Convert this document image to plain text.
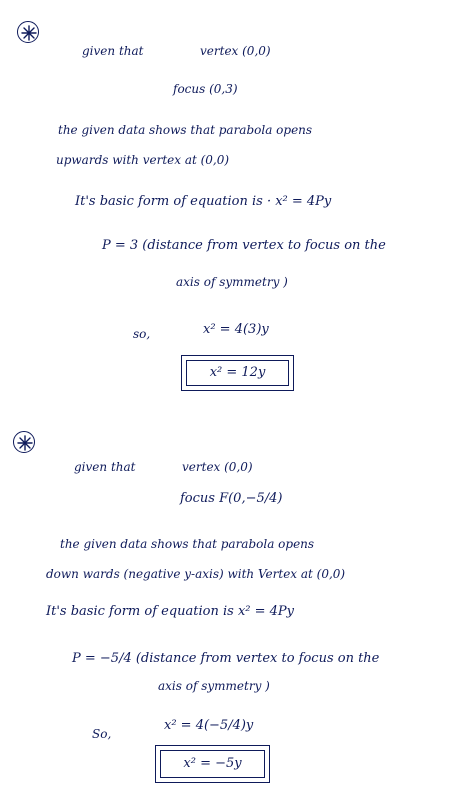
given that	vertex (0,0)
focus (0,3)
the given data shows that parabola opens
upwards with vertex at (0,0)
It's basic form of equation is · x² = 4Py
P = 3 (distance from vertex to focus on the
axis of symmetry )
so,	x² = 4(3)y
x² = 12y
given that	vertex (0,0)
focus F(0,−5/4)
the given data shows that parabola opens
down wards (negative y-axis) with Vertex at (0,0)
It's basic form of equation is x² = 4Py
P = −5/4 (distance from vertex to focus on the
axis of symmetry )
So,
x² = 4(−5/4)y
x² = −5y
